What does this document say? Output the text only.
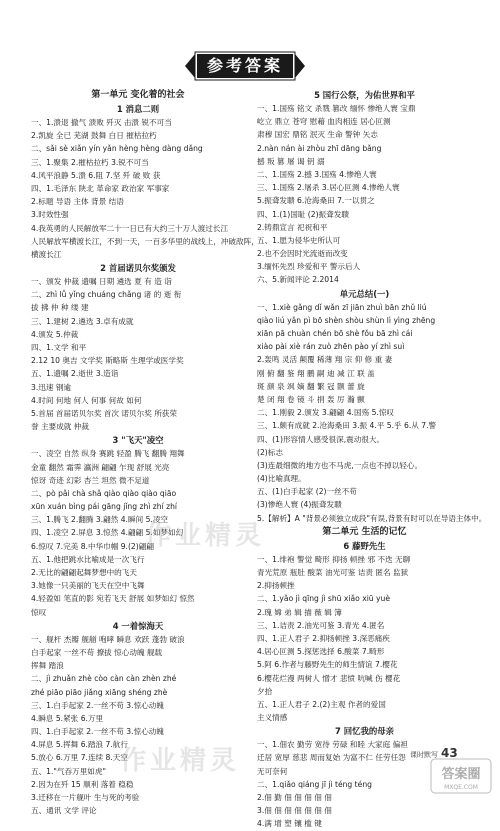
参考答案
第一单元 变化着的社会
1 消息二则
一、1.溃退 撤气 溃败 歼灭 击溃 锐不可当
2.凯旋 全已 芜湖 鼓舞 白日 摧枯拉朽
二、sǎi sè xiǎn yín yǎn hèng hèng dàng dǎng
三、1.聚集 2.摧枯拉朽 3.锐不可当
4.风平浪静 5.溃 6.阻 7.坚 歼 破 败 获
四、1.毛泽东 陕北 革命家 政治家 军事家
2.标题 导语 主体 背景 结语
3.时效性强
4.我英勇的人民解放军二十一日已有大约三十万人渡过长江
人民解放军横渡长江，不到一天，一百多华里的战线上，冲破敌阵，
横渡长江
2 首届诺贝尔奖颁发
一、颁发 仲裁 遗嘱 日期 遴选 夏 有 造 诣
二、zhì lǚ yǐng chuáng chǎng 诸 的 逝 衔
拔 拂 仲 种 缕 建
三、1.建树 2.遴选 3.卓有成就
4.颁发 5.仲裁
四、1.文学 和平
2.12 10 奥吉 文学奖 斯略斯 生理学或医学奖
五、1.遗嘱 2.逝世 3.造诣
3.迅速 钢逾
4.时间 何地 何人 何事 何故 如何
5.首届 首届诺贝尔奖 首次 诺贝尔奖 所获荣
誉 主要成就 仲裁
3 "飞天"凌空
一、凌空 自然 纵身 赛跳 轻盈 腾飞 翻腾 翔舞
金童 翻然 霜霁 瀛洲 翩翩 乍现 舒展 光亮
惊讶 奇迹 幻彩 杏兰 坦然 微不足道
二、pò pǎi chà shǎ qiào qiào qiào qiāo
xūn xuán bìng pái gāng jǐng zhì zhí zhí
三、1.腾飞 2.翻腾 3.翩然 4.瞬间 5.凌空
四、1.凌空 2.屏息 3.惊然 4.翩翩 5.如梦如幻
6.惊叹 7.完美 8.中华巾帼 9.(2)翩翩
五、1.他把跳水比喻成是一次飞行
2.无比的翩翩起舞梦想中的飞天
3.她像一只美丽的飞天在空中飞舞
4.轻盈如 笔直的影 宛若飞天 舒展 如梦如幻 惊然
惊叹
4 一着惊海天
一、舰杆 杰瓣 舰艏 咆哮 瞬息 欢跃 蓬勃 破浪
白手起家 一丝不苟 撩拔 惊心动魄 舰载
挥舞 踏浪
二、jì zhuǎn zhè còo càn càn zhèn zhé
zhé piāo piāo jiǎng xiāng shéng zhè
三、1.白手起家 2.一丝不苟 3.惊心动魄
4.瞬息 5.紧张 6.万里
四、1.白手起家 2.一丝不苟 3.惊心动魄
4.屏息 5.挥舞 6.踏浪 7.航行
5.放心 6.万里 7.连续 8.天空
五、1."气吞万里如虎"
2.因为在歼 15 顺利 落着 稳稳
3.迁移在一片舰叶 生与死的考验
五、通讯 文学 评论
5 国行公祭，为佑世界和平
一、1.国殇 铭文 杀戮 篡改 缅怀 惨绝人寰 宝鼎
屹立 鼎立 苍穹 慰藉 血肉相连 居心叵测
肃穆 国宏 鼎铭 泯灭 生命 警钟 矢志
2.nàn nán ài zhòu zhī dāng bǎng
撼 叛 篡 屠 谒 钥 溺
二、1.国殇 2.撼 3.国殇 4.惨绝人寰
三、1.国殇 2.屠杀 3.居心叵测 4.惨绝人寰
5.振聋发聩 6.沧海桑田 7.一以贯之
四、1.(1)国耻 (2)振聋发聩
2.铸鼎宣言 祀祝和平
五、1.愿为侵华史所认可
2.也不会因时光流逝而改变
3.缅怀先烈 珍爱和平 警示后人
六、5.新闻评论 2.2014
单元总结(一)
一、1.xiè gǎng dǐ wǎn zī jiān zhuì bān zhǔ liú
qiào liú yǎn pì bō shèn shòu shùn lì yìng zhēng
xiān pā chuàn chén bō shè fǒu bā zhì cái
xiào pài xiè rán zuò zhēn pào yí zhì suì
2.轰鸣 灵活 颠覆 稀薄 翔 宗 仰 修 重 妻
刚 俯 翻 鉴 翔 鹏 嗣 迪 减 江 联 盖
斑 颜 泉 飒 嫡 翻 繁 冠 颢 蕾 旋
楚 闭 翔 卷 镜 斗 捐 轰 厉 瀚 颤
二、1.刚毅 2.颁发 3.翩翩 4.国殇 5.惊叹
三、1.颇有成就 2.沧海桑田 3.振 4.平 5.乎 6.从 7.警
四、(1)形容情人感受很深,震动很大。
(2)标志
(3)连最细微的地方也不马虎,一点也不掉以轻心。
(4)比喻真理。
五、(1)白手起家 (2)一丝不苟
(3)惨绝人寰 (4)振聋发聩
5.【解析】A "背景必须独立成段"有误,背景有时可以在导语主体中。
第二单元 生活的记忆
6 藤野先生
一、1.绯袍 警觉 畸形 抑扬 顿挫 邪 不迭 无聊
青光荒原 瓶肚 酸菜 油光可鉴 诘责 匿名 监狱
2.抑扬顿挫
二、1.yǎo jì qīng jì shū xiǎo xiū yuè
2.瑰 嫦 弟 辑 描 薇 辑 簿
三、1.诘责 2.油光可鉴 3.青光 4.匿名
四、1.正人君子 2.抑扬顿挫 3.深恶痛疾
4.居心叵测 5.探惩选择 6.酸菜 7.畸形
5.阿 6.作者与藤野先生的师生情谊 7.樱花
6.樱花烂漫 两树人 憎才 悲愤 吭喊 伤 樱花
夕拾
五、1.正人君子 2.(2)主观 作者的爱国
主义情感
7 回忆我的母亲
一、1.佃农 勤劳 宽待 劳碌 和睦 大家庭 偏袒
迁居 宽厚 慈悲 周而复始 为富不仁 任劳任怨
无可奈何
二、1.qiǎo qiáng jī jì téng téng
2.佃 勤 佃 佃 佃 佃 佃
3.佃 佃 佃 佃 佃 佃 佃
4.满 增 塑 镶 槛 键
作业精灵
作业精灵	课时默写 43
答案圈
MXQE.COM
